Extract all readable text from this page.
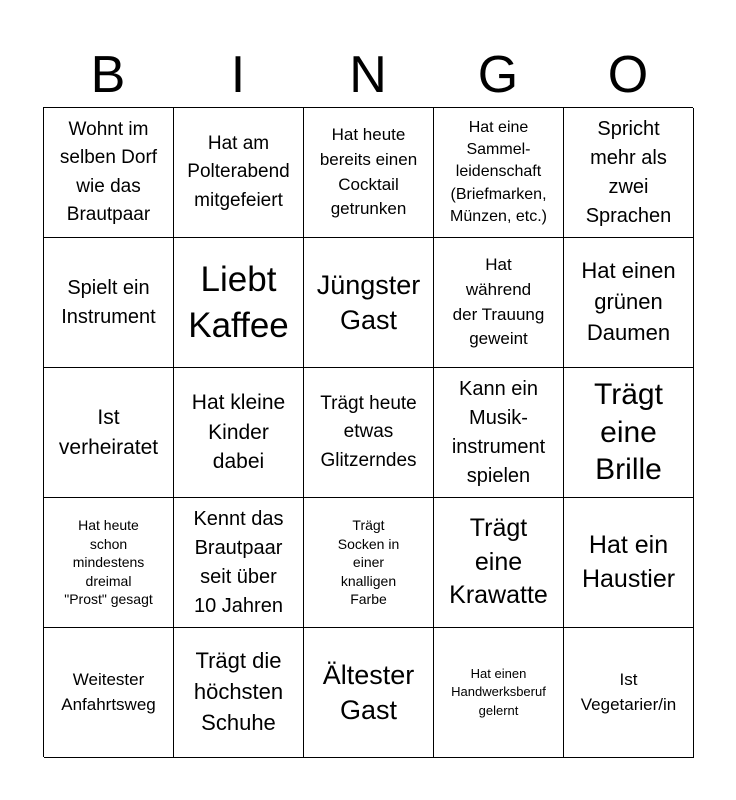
B	I	N	G	O
Wohnt im
selben Dorf
wie das
Brautpaar
Hat am
Polterabend
mitgefeiert
Hat heute
bereits einen
Cocktail
getrunken
Hat eine
Sammel-
leidenschaft
(Briefmarken,
Münzen, etc.)
Spricht
mehr als
zwei
Sprachen
Spielt ein
Instrument
Liebt
Kaffee
Jüngster
Gast
Hat
während
der Trauung
geweint
Hat einen
grünen
Daumen
Ist
verheiratet
Hat kleine
Kinder
dabei
Trägt heute
etwas
Glitzerndes
Kann ein
Musik-
instrument
spielen
Trägt
eine
Brille
Hat heute
schon
mindestens
dreimal
"Prost" gesagt
Kennt das
Brautpaar
seit über
10 Jahren
Trägt
Socken in
einer
knalligen
Farbe
Trägt
eine
Krawatte
Hat ein
Haustier
Weitester
Anfahrtsweg
Trägt die
höchsten
Schuhe
Ältester
Gast
Hat einen
Handwerksberuf
gelernt
Ist
Vegetarier/in
